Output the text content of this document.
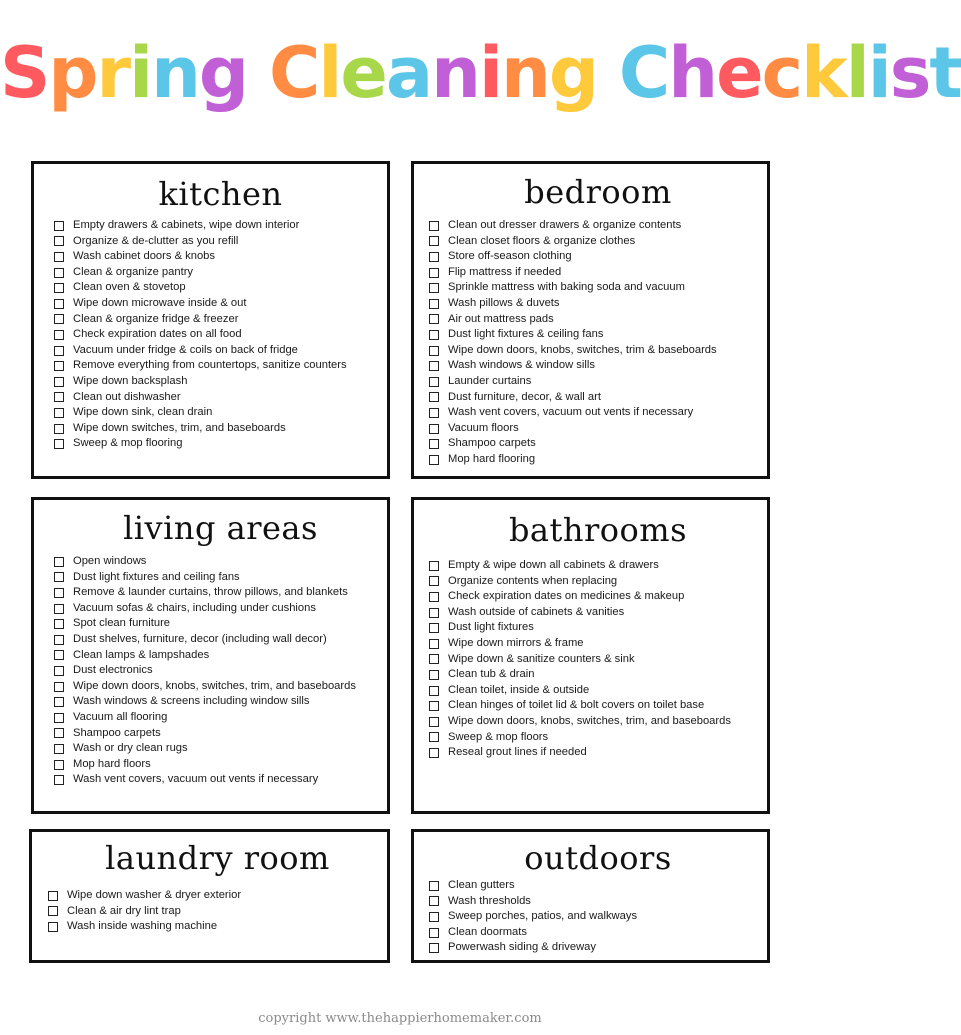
Spring Cleaning Checklist
kitchen
Empty drawers & cabinets, wipe down interior
Organize & de-clutter as you refill
Wash cabinet doors & knobs
Clean & organize pantry
Clean oven & stovetop
Wipe down microwave inside & out
Clean & organize fridge & freezer
Check expiration dates on all food
Vacuum under fridge & coils on back of fridge
Remove everything from countertops, sanitize counters
Wipe down backsplash
Clean out dishwasher
Wipe down sink, clean drain
Wipe down switches, trim, and baseboards
Sweep & mop flooring
bedroom
Clean out dresser drawers & organize contents
Clean closet floors & organize clothes
Store off-season clothing
Flip mattress if needed
Sprinkle mattress with baking soda and vacuum
Wash pillows & duvets
Air out mattress pads
Dust light fixtures & ceiling fans
Wipe down doors, knobs, switches, trim & baseboards
Wash windows & window sills
Launder curtains
Dust furniture, decor, & wall art
Wash vent covers, vacuum out vents if necessary
Vacuum floors
Shampoo carpets
Mop hard flooring
living areas
Open windows
Dust light fixtures and ceiling fans
Remove & launder curtains, throw pillows, and blankets
Vacuum sofas & chairs, including under cushions
Spot clean furniture
Dust shelves, furniture, decor (including wall decor)
Clean lamps & lampshades
Dust electronics
Wipe down doors, knobs, switches, trim, and baseboards
Wash windows & screens including window sills
Vacuum all flooring
Shampoo carpets
Wash or dry clean rugs
Mop hard floors
Wash vent covers, vacuum out vents if necessary
bathrooms
Empty & wipe down all cabinets & drawers
Organize contents when replacing
Check expiration dates on medicines & makeup
Wash outside of cabinets & vanities
Dust light fixtures
Wipe down mirrors & frame
Wipe down & sanitize counters & sink
Clean tub & drain
Clean toilet, inside & outside
Clean hinges of toilet lid & bolt covers on toilet base
Wipe down doors, knobs, switches, trim, and baseboards
Sweep & mop floors
Reseal grout lines if needed
laundry room
Wipe down washer & dryer exterior
Clean & air dry lint trap
Wash inside washing machine
outdoors
Clean gutters
Wash thresholds
Sweep porches, patios, and walkways
Clean doormats
Powerwash siding & driveway
copyright www.thehappierhomemaker.com
